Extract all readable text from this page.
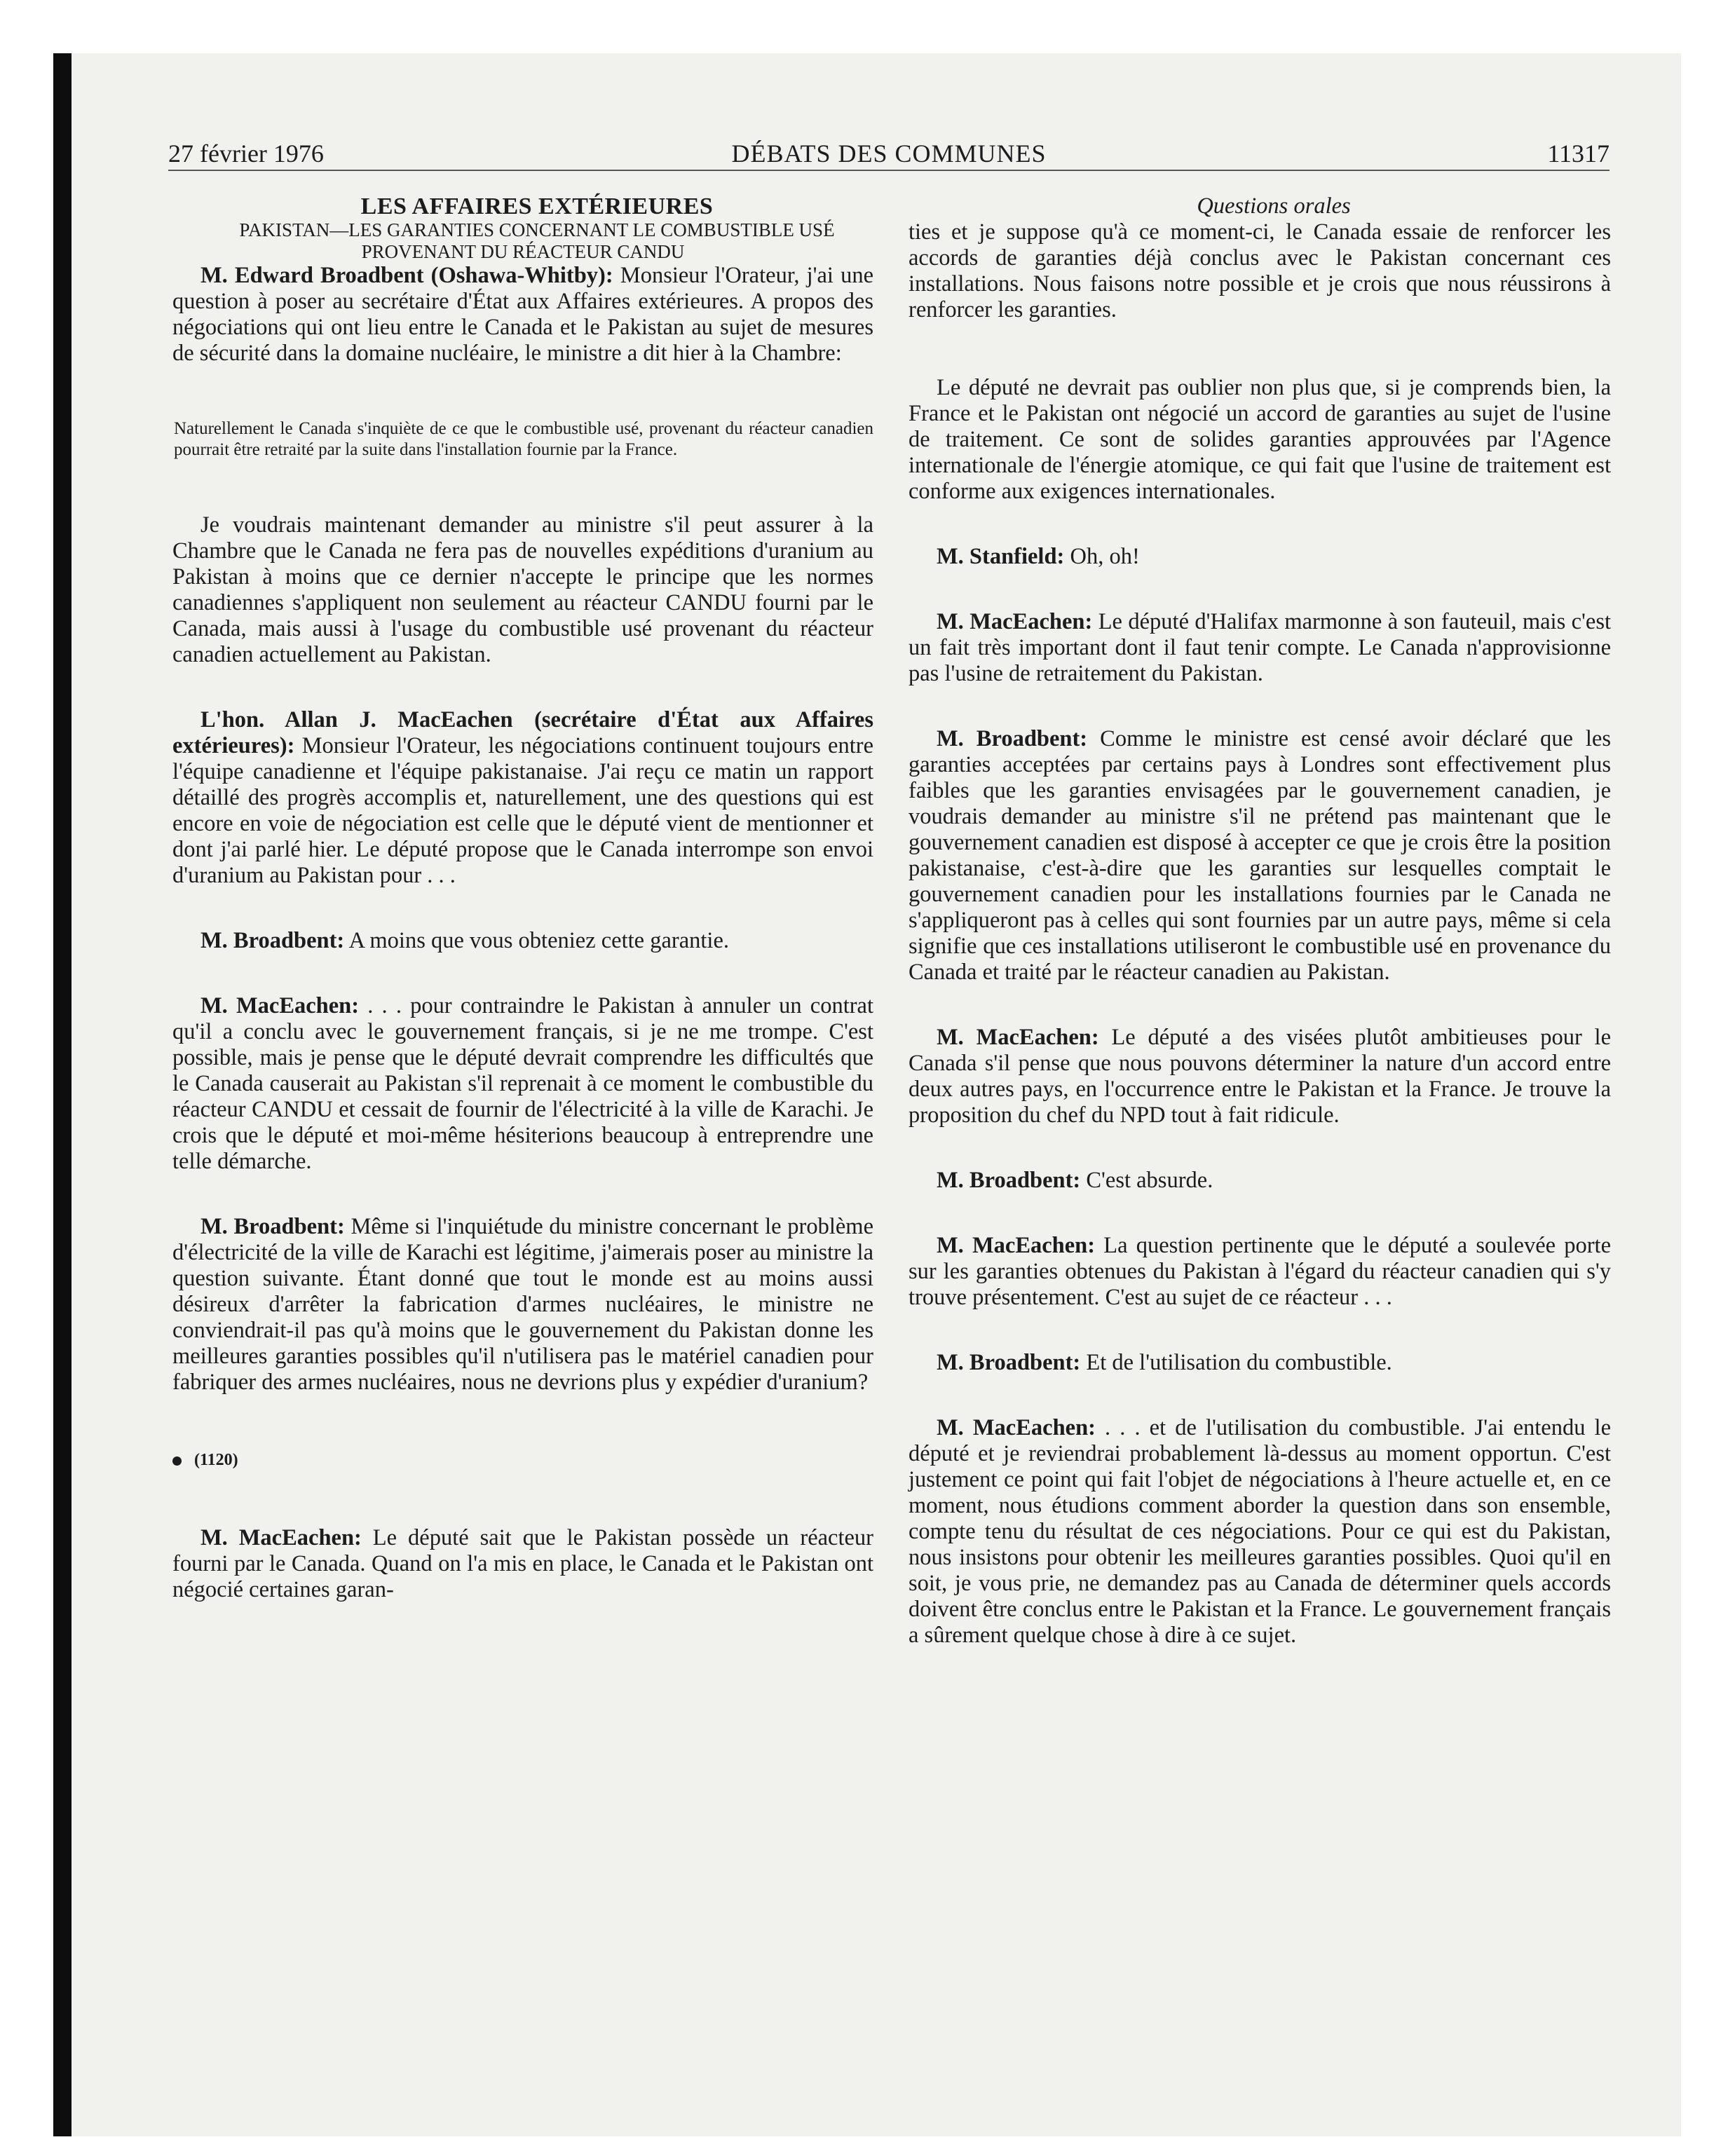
27 février 1976	DÉBATS DES COMMUNES	11317

LES AFFAIRES EXTÉRIEURES

PAKISTAN—LES GARANTIES CONCERNANT LE COMBUSTIBLE USÉ PROVENANT DU RÉACTEUR CANDU

M. Edward Broadbent (Oshawa-Whitby): Monsieur l'Orateur, j'ai une question à poser au secrétaire d'État aux Affaires extérieures. A propos des négociations qui ont lieu entre le Canada et le Pakistan au sujet de mesures de sécurité dans la domaine nucléaire, le ministre a dit hier à la Chambre:

Naturellement le Canada s'inquiète de ce que le combustible usé, provenant du réacteur canadien pourrait être retraité par la suite dans l'installation fournie par la France.

Je voudrais maintenant demander au ministre s'il peut assurer à la Chambre que le Canada ne fera pas de nouvelles expéditions d'uranium au Pakistan à moins que ce dernier n'accepte le principe que les normes canadiennes s'appliquent non seulement au réacteur CANDU fourni par le Canada, mais aussi à l'usage du combustible usé provenant du réacteur canadien actuellement au Pakistan.

L'hon. Allan J. MacEachen (secrétaire d'État aux Affaires extérieures): Monsieur l'Orateur, les négociations continuent toujours entre l'équipe canadienne et l'équipe pakistanaise. J'ai reçu ce matin un rapport détaillé des progrès accomplis et, naturellement, une des questions qui est encore en voie de négociation est celle que le député vient de mentionner et dont j'ai parlé hier. Le député propose que le Canada interrompe son envoi d'uranium au Pakistan pour . . .

M. Broadbent: A moins que vous obteniez cette garantie.

M. MacEachen: . . . pour contraindre le Pakistan à annuler un contrat qu'il a conclu avec le gouvernement français, si je ne me trompe. C'est possible, mais je pense que le député devrait comprendre les difficultés que le Canada causerait au Pakistan s'il reprenait à ce moment le combustible du réacteur CANDU et cessait de fournir de l'électricité à la ville de Karachi. Je crois que le député et moi-même hésiterions beaucoup à entreprendre une telle démarche.

M. Broadbent: Même si l'inquiétude du ministre concernant le problème d'électricité de la ville de Karachi est légitime, j'aimerais poser au ministre la question suivante. Étant donné que tout le monde est au moins aussi désireux d'arrêter la fabrication d'armes nucléaires, le ministre ne conviendrait-il pas qu'à moins que le gouvernement du Pakistan donne les meilleures garanties possibles qu'il n'utilisera pas le matériel canadien pour fabriquer des armes nucléaires, nous ne devrions plus y expédier d'uranium?

(1120)

M. MacEachen: Le député sait que le Pakistan possède un réacteur fourni par le Canada. Quand on l'a mis en place, le Canada et le Pakistan ont négocié certaines garan-

Questions orales

ties et je suppose qu'à ce moment-ci, le Canada essaie de renforcer les accords de garanties déjà conclus avec le Pakistan concernant ces installations. Nous faisons notre possible et je crois que nous réussirons à renforcer les garanties.

Le député ne devrait pas oublier non plus que, si je comprends bien, la France et le Pakistan ont négocié un accord de garanties au sujet de l'usine de traitement. Ce sont de solides garanties approuvées par l'Agence internationale de l'énergie atomique, ce qui fait que l'usine de traitement est conforme aux exigences internationales.

M. Stanfield: Oh, oh!

M. MacEachen: Le député d'Halifax marmonne à son fauteuil, mais c'est un fait très important dont il faut tenir compte. Le Canada n'approvisionne pas l'usine de retraitement du Pakistan.

M. Broadbent: Comme le ministre est censé avoir déclaré que les garanties acceptées par certains pays à Londres sont effectivement plus faibles que les garanties envisagées par le gouvernement canadien, je voudrais demander au ministre s'il ne prétend pas maintenant que le gouvernement canadien est disposé à accepter ce que je crois être la position pakistanaise, c'est-à-dire que les garanties sur lesquelles comptait le gouvernement canadien pour les installations fournies par le Canada ne s'appliqueront pas à celles qui sont fournies par un autre pays, même si cela signifie que ces installations utiliseront le combustible usé en provenance du Canada et traité par le réacteur canadien au Pakistan.

M. MacEachen: Le député a des visées plutôt ambitieuses pour le Canada s'il pense que nous pouvons déterminer la nature d'un accord entre deux autres pays, en l'occurrence entre le Pakistan et la France. Je trouve la proposition du chef du NPD tout à fait ridicule.

M. Broadbent: C'est absurde.

M. MacEachen: La question pertinente que le député a soulevée porte sur les garanties obtenues du Pakistan à l'égard du réacteur canadien qui s'y trouve présentement. C'est au sujet de ce réacteur . . .

M. Broadbent: Et de l'utilisation du combustible.

M. MacEachen: . . . et de l'utilisation du combustible. J'ai entendu le député et je reviendrai probablement là-dessus au moment opportun. C'est justement ce point qui fait l'objet de négociations à l'heure actuelle et, en ce moment, nous étudions comment aborder la question dans son ensemble, compte tenu du résultat de ces négociations. Pour ce qui est du Pakistan, nous insistons pour obtenir les meilleures garanties possibles. Quoi qu'il en soit, je vous prie, ne demandez pas au Canada de déterminer quels accords doivent être conclus entre le Pakistan et la France. Le gouvernement français a sûrement quelque chose à dire à ce sujet.
